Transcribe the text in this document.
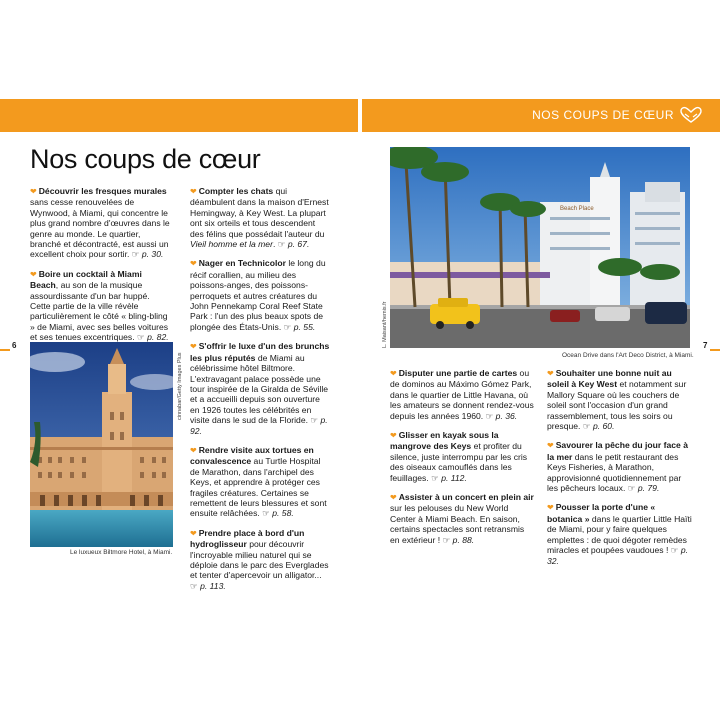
NOS COUPS DE CŒUR
Nos coups de cœur
6	7

❤ Découvrir les fresques murales sans cesse renouvelées de Wynwood, à Miami, qui concentre le plus grand nombre d'œuvres dans le genre au monde. Le quartier, branché et décontracté, est aussi un excellent choix pour sortir. ☞ p. 30.

❤ Boire un cocktail à Miami Beach, au son de la musique assourdissante d'un bar huppé. Cette partie de la ville révèle particulièrement le côté « bling-bling » de Miami, avec ses belles voitures et ses tenues excentriques. ☞ p. 82.

❤ Compter les chats qui déambulent dans la maison d'Ernest Hemingway, à Key West. La plupart ont six orteils et tous descendent des félins que possédait l'auteur du Vieil homme et la mer. ☞ p. 67.

❤ Nager en Technicolor le long du récif corallien, au milieu des poissons-anges, des poissons-perroquets et autres créatures du John Pennekamp Coral Reef State Park : l'un des plus beaux spots de plongée des États-Unis. ☞ p. 55.

❤ S'offrir le luxe d'un des brunchs les plus réputés de Miami au célébrissime hôtel Biltmore. L'extravagant palace possède une tour inspirée de la Giralda de Séville et a accueilli depuis son ouverture en 1926 toutes les célébrités en visite dans le sud de la Floride. ☞ p. 92.

❤ Rendre visite aux tortues en convalescence au Turtle Hospital de Marathon, dans l'archipel des Keys, et apprendre à protéger ces fragiles créatures. Certaines se remettent de leurs blessures et sont ensuite relâchées. ☞ p. 58.

❤ Prendre place à bord d'un hydroglisseur pour découvrir l'incroyable milieu naturel qui se déploie dans le parc des Everglades et tenter d'apercevoir un alligator... ☞ p. 113.

cinnabar/Getty Images Plus
Le luxueux Biltmore Hotel, à Miami.
Beach Place
L. Maisant/hemis.fr
Ocean Drive dans l'Art Deco District, à Miami.

❤ Disputer une partie de cartes ou de dominos au Máximo Gómez Park, dans le quartier de Little Havana, où les amateurs se donnent rendez-vous depuis les années 1960. ☞ p. 36.

❤ Glisser en kayak sous la mangrove des Keys et profiter du silence, juste interrompu par les cris des oiseaux camouflés dans les feuillages. ☞ p. 112.

❤ Assister à un concert en plein air sur les pelouses du New World Center à Miami Beach. En saison, certains spectacles sont retransmis en extérieur ! ☞ p. 88.

❤ Souhaiter une bonne nuit au soleil à Key West et notamment sur Mallory Square où les couchers de soleil sont l'occasion d'un grand rassemblement, tous les soirs ou presque. ☞ p. 60.

❤ Savourer la pêche du jour face à la mer dans le petit restaurant des Keys Fisheries, à Marathon, approvisionné quotidiennement par les pêcheurs locaux. ☞ p. 79.

❤ Pousser la porte d'une « botanica » dans le quartier Little Haïti de Miami, pour y faire quelques emplettes : de quoi dégoter remèdes miracles et poupées vaudoues ! ☞ p. 32.
